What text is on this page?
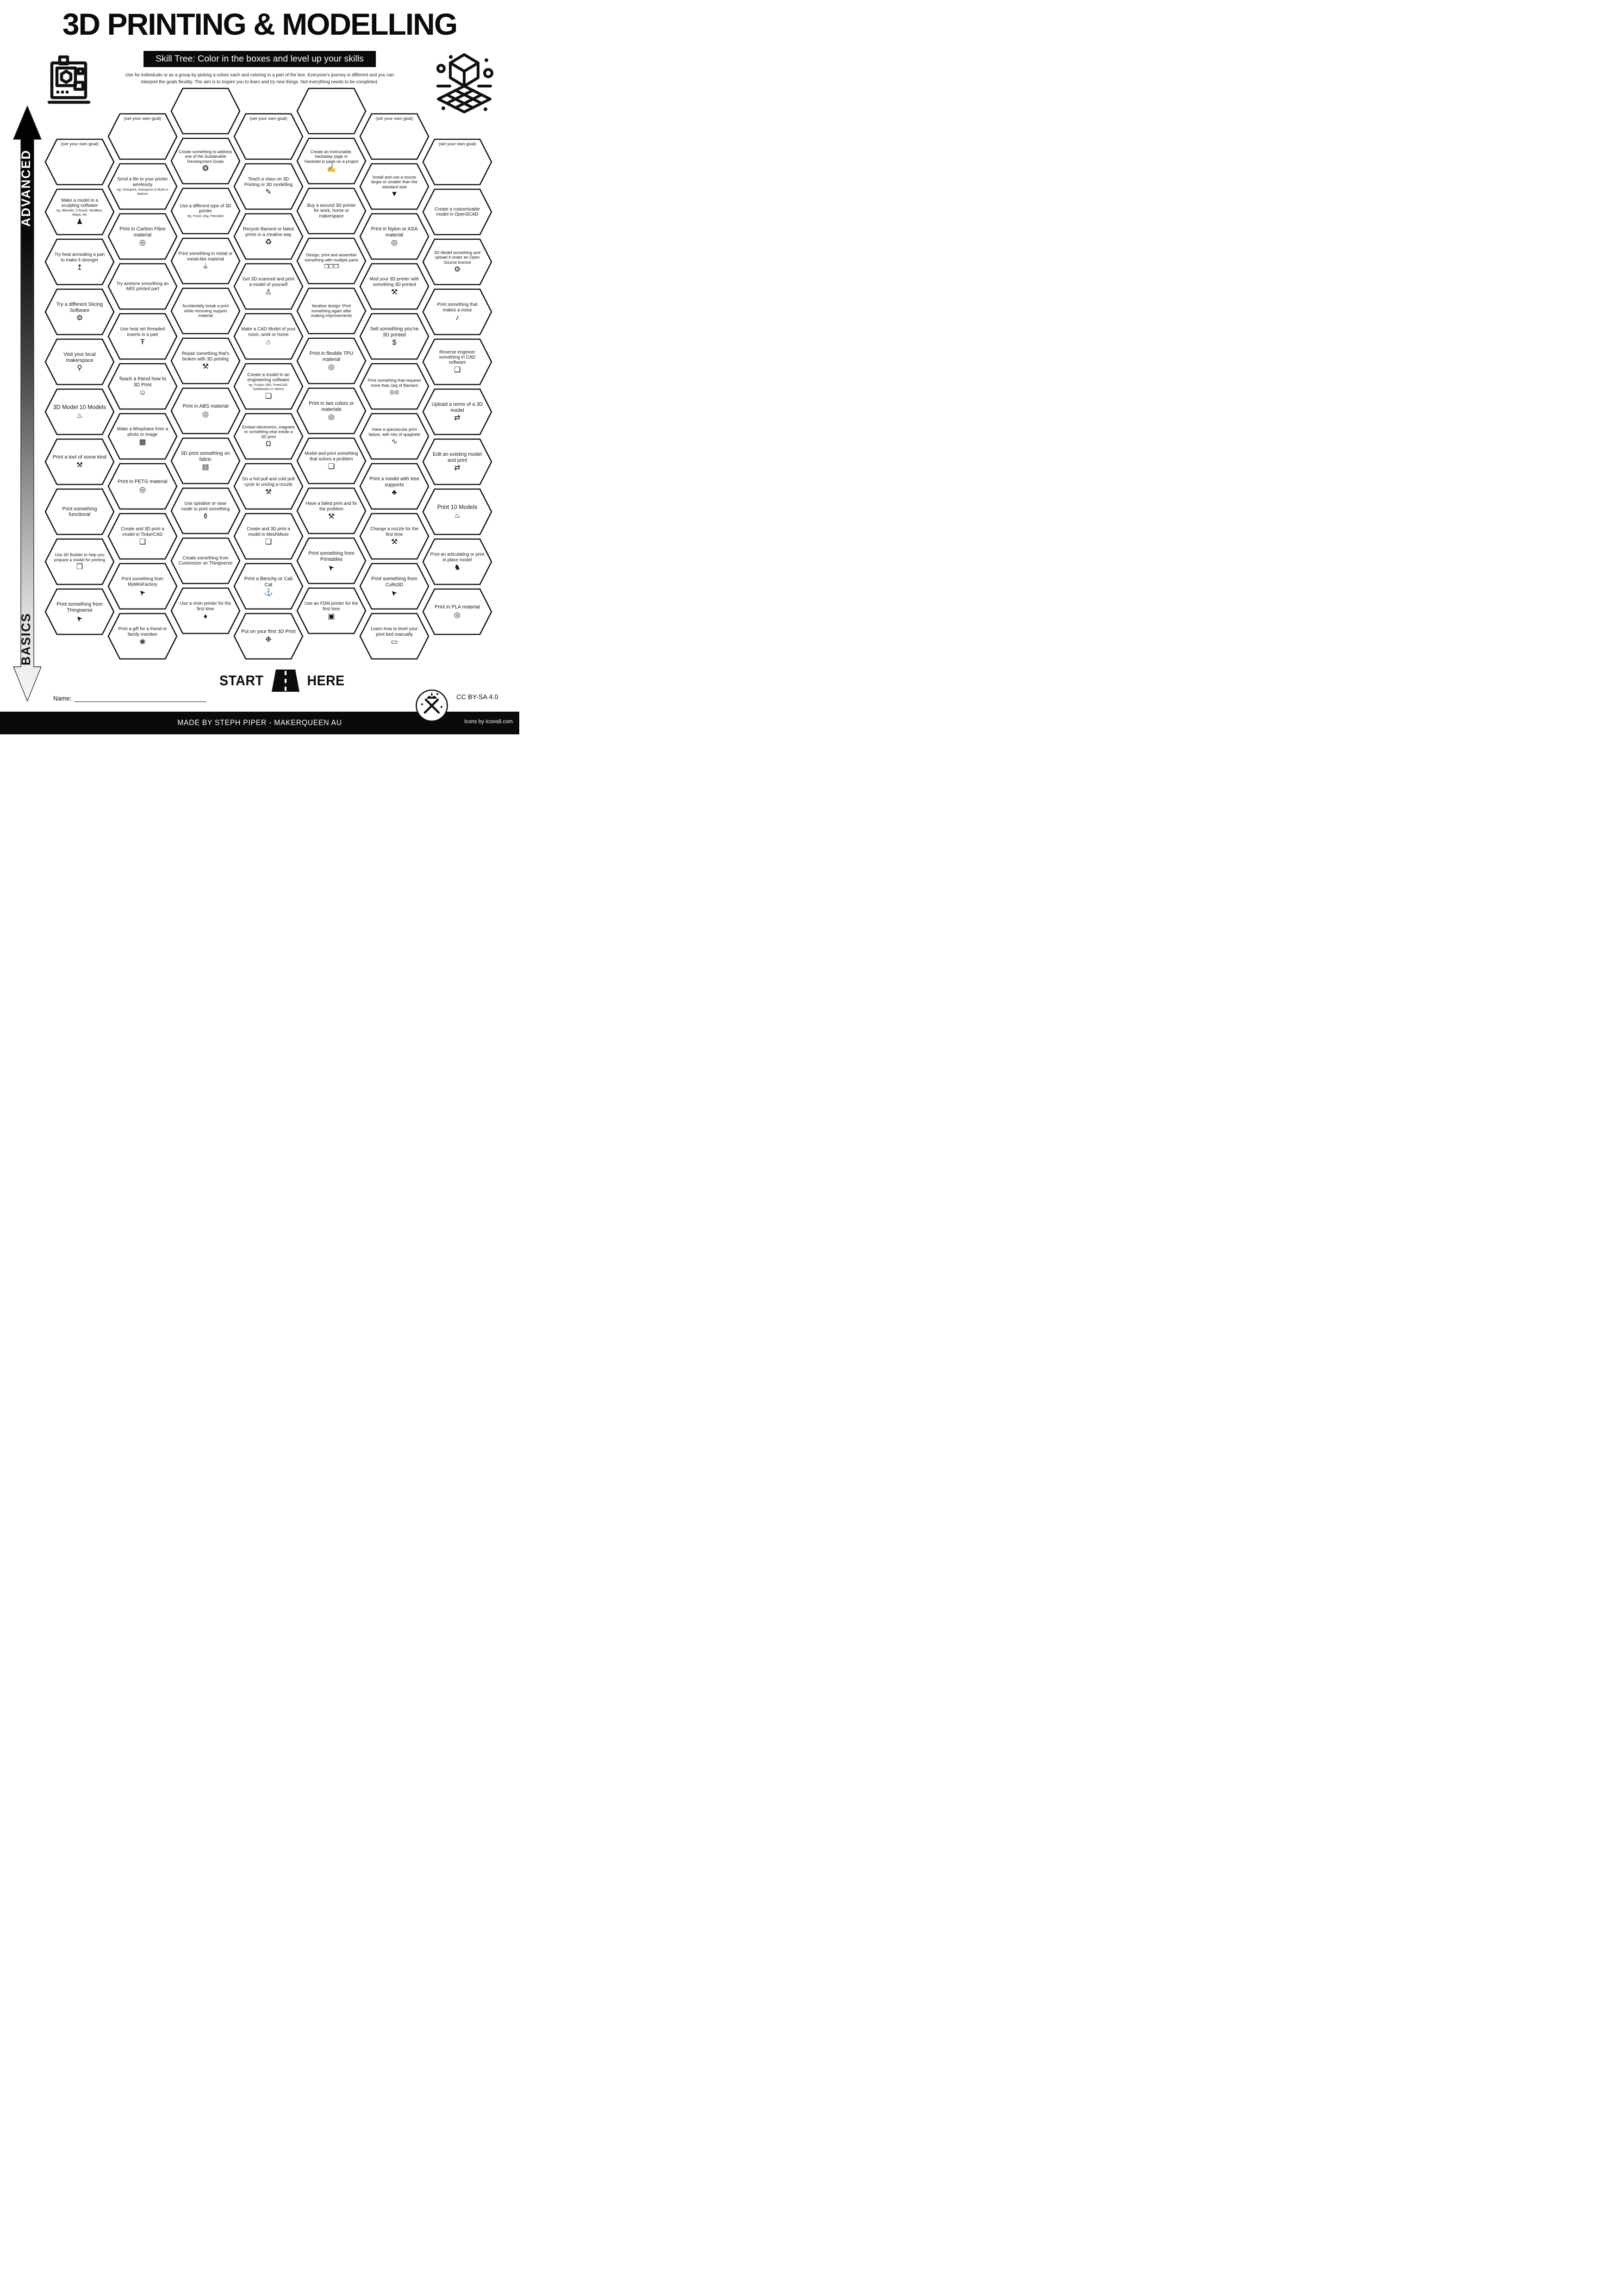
3D PRINTING & MODELLING
Skill Tree: Color in the boxes and level up your skills
Use for individuals or as a group by picking a colour each and coloring in a part of the box. Everyone's journey is different and you can
interpret the goals flexibly. The aim is to inspire you to learn and try new things. Not everything needs to be completed.
ADVANCED
BASICS
(set your own goal)
Make a model in a sculpting software
eg. Blender, Z-brush, MudBox, Maya, etc
♟
Try heat annealing a part to make it stronger
↥
Try a different Slicing Software
⚙
Visit your local makerspace
⚲
3D Model 10 Models
♨
Print a tool of some kind
⚒
Print something functional
Use 3D Builder to help you prepare a model for printing
❒
Print something from Thingiverse
➤
(set your own goal)
Send a file to your printer wirelessly
eg. Octoprint, Astroprint or Built-in feature
Print in Carbon Fibre material
◎
Try acetone smoothing an ABS printed part
Use heat set threaded inserts in a part
Ŧ
Teach a friend how to 3D Print
☺
Make a lithophane from a photo or image
▦
Print in PETG material
◎
Create and 3D print a model in TinkerCAD
❑
Print something from MyMiniFactory
➤
Print a gift for a friend or family member
❀
Create something to address one of the Sustainable Development Goals
❂
Use a different type of 3D printer
eg. Food, clay, Pancake
Print something in metal or metal-like material
⏚
Accidentally break a print while removing support material
Repair something that's broken with 3D printing
⚒
Print in ABS material
◎
3D print something on fabric
▤
Use spiralise or vase mode to print something
⚱
Create something from Customizer on Thingiverse
Use a resin printer for the first time
♦
(set your own goal)
Teach a class on 3D Printing or 3D modelling
✎
Recycle filament or failed prints in a creative way
♻
Get 3D scanned and print a model of yourself
♙
Make a CAD Model of your room, work or home
⌂
Create a model in an engineering software
eg. Fusion 360, FreeCAD, Solidworks or others
❑
Embed electronics, magnets or something else inside a 3D print
Ω
Do a hot pull and cold pull cycle to unclog a nozzle
⚒
Create and 3D print a model in MeshMixer
❑
Print a Benchy or Cali Cat
⚓
Put on your first 3D Print
❉
Create an instructable, hackaday page or Hackster.io page on a project
✍
Buy a second 3D printer for work, home or makerspace
Design, print and assemble something with multiple parts
❒❒❒
Iterative design: Print something again after making improvements
Print in flexible TPU material
◎
Print in two colors or materials
◎
Model and print something that solves a problem
❑
Have a failed print and fix the problem
⚒
Print something from Printables
➤
Use an FDM printer for the first time
▣
(set your own goal)
Install and use a nozzle larger or smaller than the standard size
▼
Print in Nylon or ASA material
◎
Mod your 3D printer with something 3D printed
⚒
Sell something you've 3D printed
$
Print something that requires more than 1kg of filament
◎◎
Have a spectacular print failure, with lots of spaghetti
∿
Print a model with tree supports
♣
Change a nozzle for the first time
⚒
Print something from Cults3D
➤
Learn how to level your print bed manually
▭
(set your own goal)
Create a customizable model in OpenSCAD
3D Model something and upload it under an Open Source licence
⚙
Print something that makes a noise
♪
Reverse engineer something in CAD software
❑
Upload a remix of a 3D model
⇄
Edit an existing model and print
⇄
Print 10 Models
♨
Print an articulating or print in place model
♞
Print in PLA material
◎
START	HERE
Name:	CC BY-SA 4.0
MADE BY STEPH PIPER - MAKERQUEEN AU	Icons by Icons8.com
